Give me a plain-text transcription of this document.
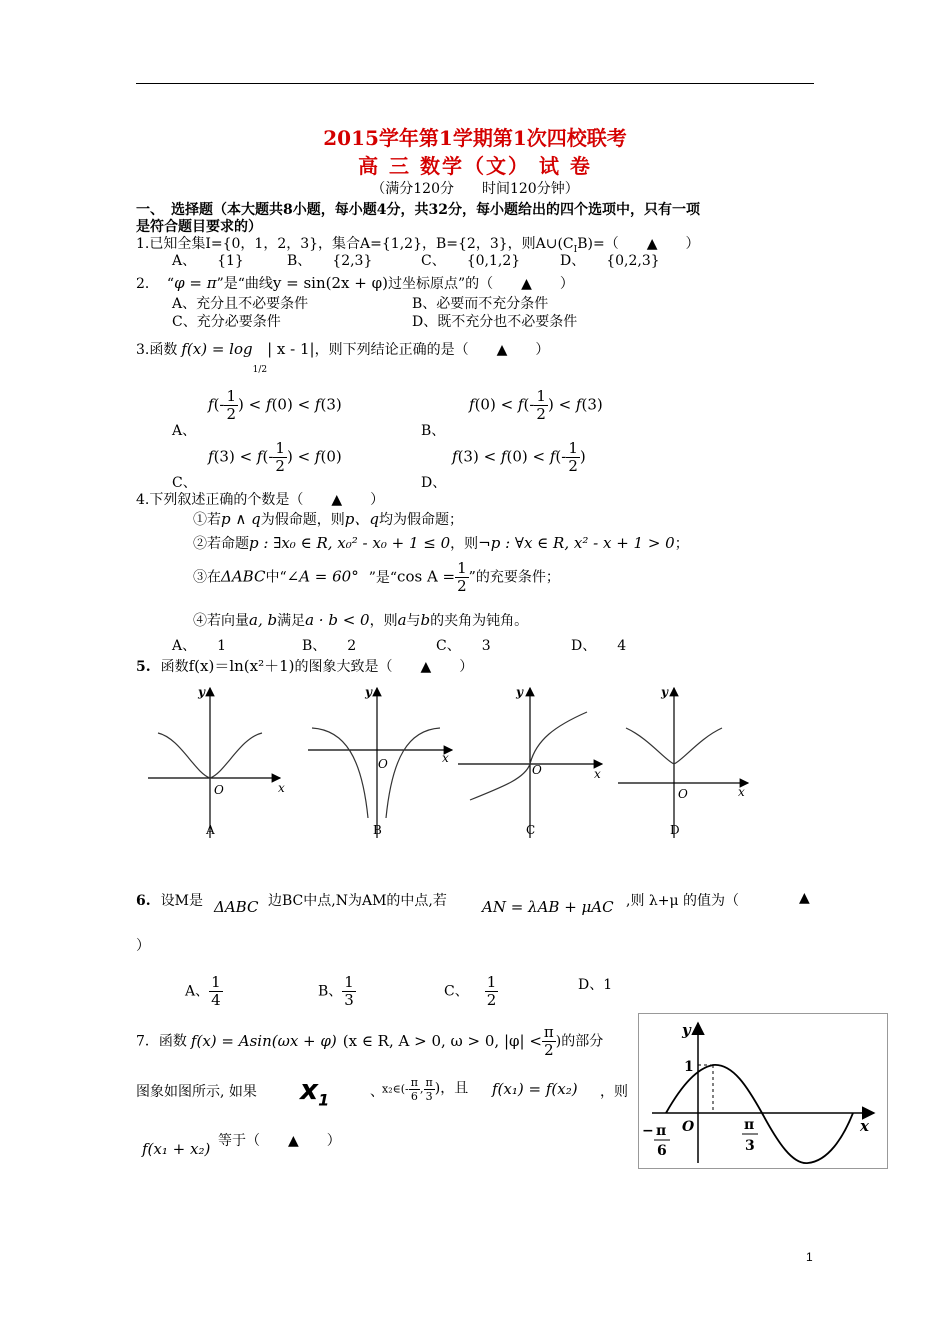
2015学年第1学期第1次四校联考
高 三 数学（文） 试 卷
（满分120分　　时间120分钟）
一、　选择题（本大题共8小题，每小题4分，共32分，每小题给出的四个选项中，只有一项
是符合题目要求的）
1.已知全集I={0，1，2，3}，集合A={1,2}，B={2，3}，则$A\cup(C_IB)=$（　　▲　　）
A、　　{1}	B、　　{2,3}	C、　　{0,1,2}	D、　　{0,2,3}
2． “φ = π”是“曲线y = sin(2x + φ)过坐标原点”的（　　▲　　）
A、充分且不必要条件	B、必要而不充分条件
C、充分必要条件	D、既不充分也不必要条件
3.函数 $f(x) = \log_{1/2}|$ x - 1|，则下列结论正确的是（　　▲　　）
A、
$f(- \frac{1}{2}$ ) < f(0) < f(3)
B、
$f(0) < f(- \frac{1}{2}$ ) < f(3)
C、
$f(3) < f(- \frac{1}{2}$ ) < f(0)
D、
$f(3) < f(0) < f(- \frac{1}{2}$ )
4.下列叙述正确的个数是（　　▲　　）
①若p ∧ q为假命题，则p、q均为假命题；
②若命题p : ∃x₀ ∈ R, x₀² - x₀ + 1 ≤ 0，则¬p : ∀x ∈ R, x² - x + 1 > 0；
③在ΔABC中“∠A = 60° ”是“cos $A = \frac{1}{2}$ ”的充要条件；
④若向量a, b满足a · b < 0，则a与b的夹角为钝角。
A、　　1	B、　　2	C、　　3	D、　　4
5. 函数f(x)＝ln(x²＋1)的图象大致是（　　▲　　）
x
y
O
A
x
y
O
B
x
y
O
C
x
y
O
D
6. 设M是 ΔABC 边BC中点,N为AM的中点,若 AN = λAB + μAC ,则 λ+μ 的值为（　　 ▲
）
A、 $\frac{1}{4}$	B、 $\frac{1}{3}$	C、 $\frac{1}{2}$	D、1
7．函数 f(x) = Asin(ωx + φ) (x ∈ R, A > 0, ω > 0, $|\varphi| < \frac{\pi}{2}$ )的部分
图象如图所示, 如果 $x_1$	、
x₂∈(- $\frac{\pi}{6}$ , $\frac{\pi}{3}$ )，且 f(x₁) = f(x₂) ，则
f(x₁ + x₂) 等于（　　▲　　）
y
x
1
O
− π
6
π
3
1
